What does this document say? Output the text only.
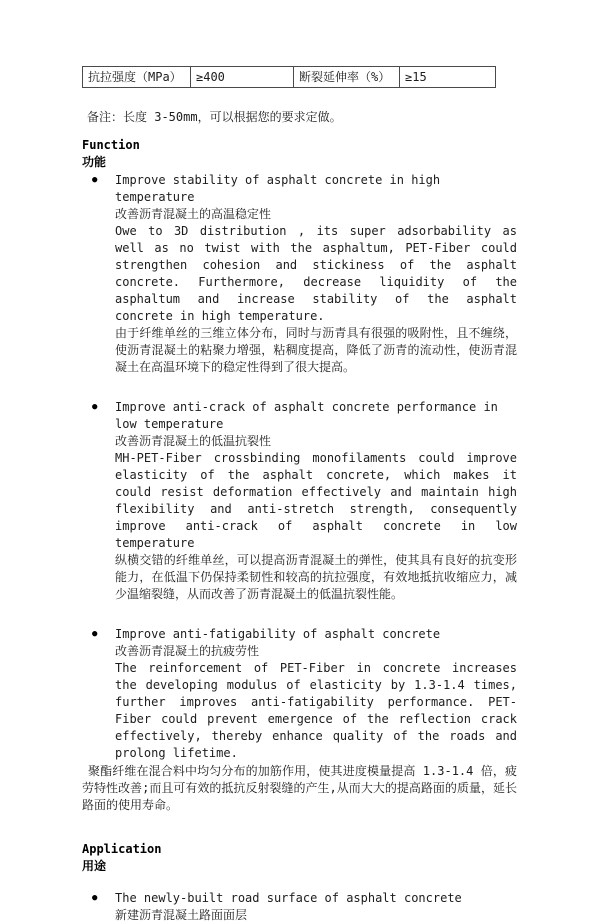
抗拉强度（MPa）	≥400	断裂延伸率（%）	≥15
备注：长度 3-50mm，可以根据您的要求定做。
Function
功能
●	Improve stability of asphalt concrete in high temperature
改善沥青混凝土的高温稳定性
Owe to 3D distribution , its super adsorbability as well as no twist with the asphaltum, PET-Fiber could strengthen cohesion and stickiness of the asphalt concrete. Furthermore, decrease liquidity of the asphaltum and increase stability of the asphalt concrete in high temperature.
由于纤维单丝的三维立体分布，同时与沥青具有很强的吸附性，且不缠绕，使沥青混凝土的粘聚力增强，粘稠度提高，降低了沥青的流动性，使沥青混凝土在高温环境下的稳定性得到了很大提高。
●	Improve anti-crack of asphalt concrete performance in low temperature
改善沥青混凝土的低温抗裂性
MH-PET-Fiber crossbinding monofilaments could improve elasticity of the asphalt concrete, which makes it could resist deformation effectively and maintain high flexibility and anti-stretch strength, consequently improve anti-crack of asphalt concrete in low temperature
纵横交错的纤维单丝，可以提高沥青混凝土的弹性，使其具有良好的抗变形能力，在低温下仍保持柔韧性和较高的抗拉强度，有效地抵抗收缩应力，减少温缩裂缝，从而改善了沥青混凝土的低温抗裂性能。
●	Improve anti-fatigability of asphalt concrete
改善沥青混凝土的抗疲劳性
The reinforcement of PET-Fiber in concrete increases the developing modulus of elasticity by 1.3-1.4 times, further improves anti-fatigability performance. PET-Fiber could prevent emergence of the reflection crack effectively, thereby enhance quality of the roads and prolong lifetime.
聚酯纤维在混合料中均匀分布的加筋作用，使其进度模量提高 1.3-1.4 倍，疲劳特性改善;而且可有效的抵抗反射裂缝的产生,从而大大的提高路面的质量，延长路面的使用寿命。
Application
用途
●	The newly-built road surface of asphalt concrete
新建沥青混凝土路面面层
